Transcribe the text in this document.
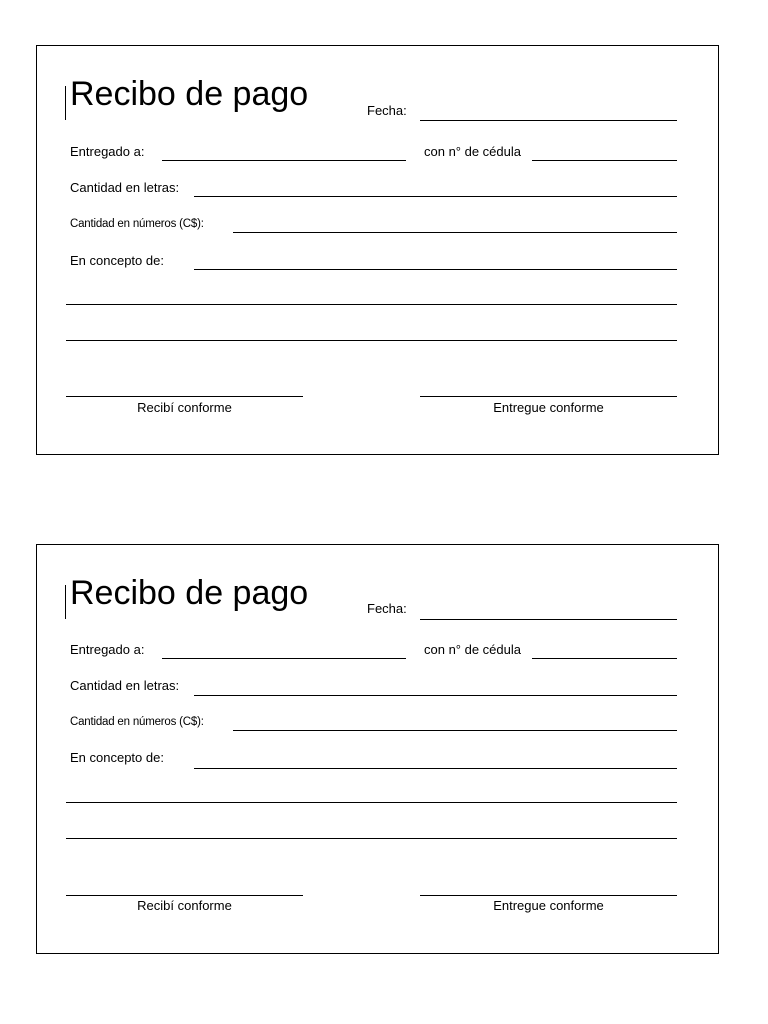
Recibo de pago	Fecha:
Entregado a:	con n° de cédula
Cantidad en letras:
Cantidad en números (C$):
En concepto de:
Recibí conforme	Entregue conforme
Recibo de pago	Fecha:
Entregado a:	con n° de cédula
Cantidad en letras:
Cantidad en números (C$):
En concepto de:
Recibí conforme	Entregue conforme
